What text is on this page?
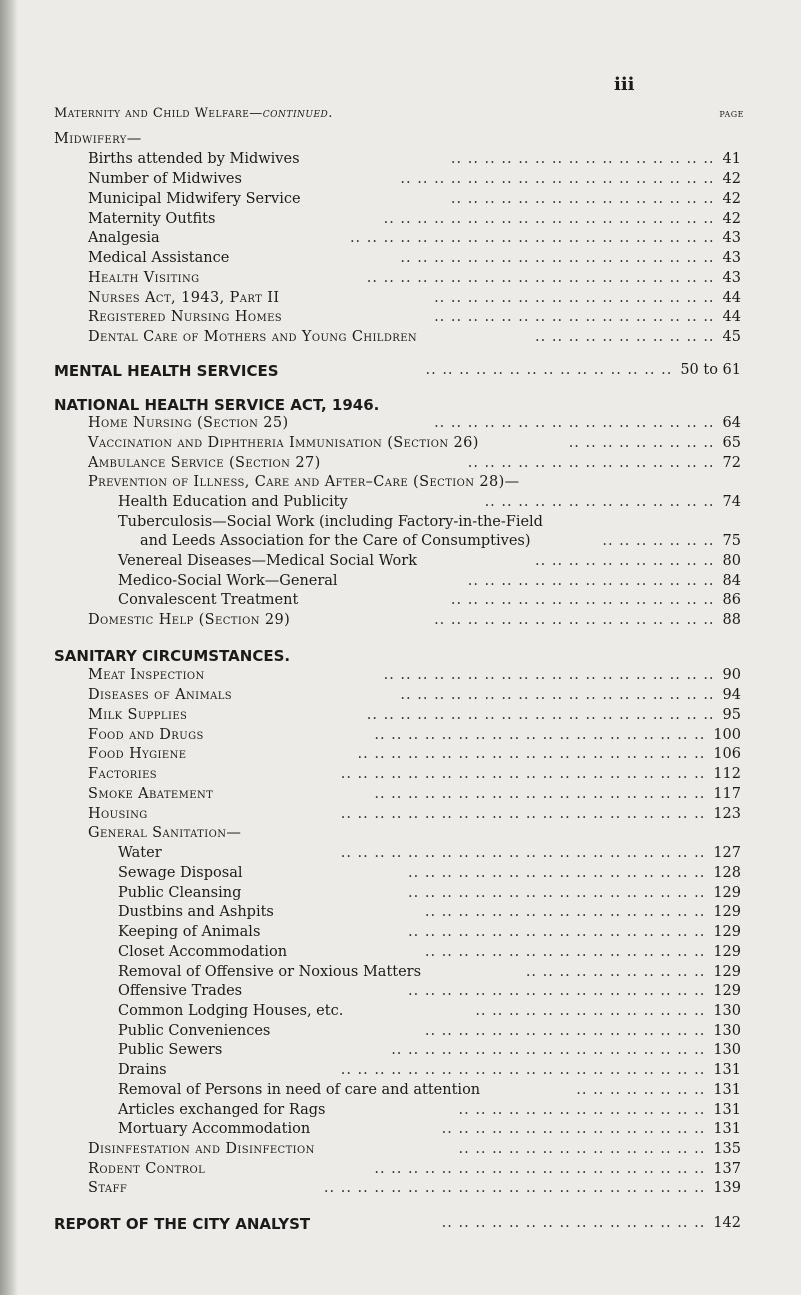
iii
Maternity and Child Welfare—continued.	page
Midwifery—
Births attended by Midwives	41
.. .. .. .. .. .. .. .. .. .. .. .. .. .. .. ..
Number of Midwives	42
.. .. .. .. .. .. .. .. .. .. .. .. .. .. .. .. .. .. ..
Municipal Midwifery Service	42
.. .. .. .. .. .. .. .. .. .. .. .. .. .. .. ..
Maternity Outfits	42
.. .. .. .. .. .. .. .. .. .. .. .. .. .. .. .. .. .. .. ..
Analgesia	43
.. .. .. .. .. .. .. .. .. .. .. .. .. .. .. .. .. .. .. .. .. ..
Medical Assistance	43
.. .. .. .. .. .. .. .. .. .. .. .. .. .. .. .. .. .. ..
Health Visiting	43
.. .. .. .. .. .. .. .. .. .. .. .. .. .. .. .. .. .. .. .. ..
Nurses Act, 1943, Part II	44
.. .. .. .. .. .. .. .. .. .. .. .. .. .. .. .. ..
Registered Nursing Homes	44
.. .. .. .. .. .. .. .. .. .. .. .. .. .. .. .. ..
Dental Care of Mothers and Young Children	45
.. .. .. .. .. .. .. .. .. .. ..
MENTAL HEALTH SERVICES	50 to 61
.. .. .. .. .. .. .. .. .. .. .. .. .. .. ..
NATIONAL HEALTH SERVICE ACT, 1946.
Home Nursing (Section 25)	64
.. .. .. .. .. .. .. .. .. .. .. .. .. .. .. .. ..
Vaccination and Diphtheria Immunisation (Section 26)	65
.. .. .. .. .. .. .. .. ..
Ambulance Service (Section 27)	72
.. .. .. .. .. .. .. .. .. .. .. .. .. .. ..
Prevention of Illness, Care and After–Care (Section 28)—
Health Education and Publicity	74
.. .. .. .. .. .. .. .. .. .. .. .. .. ..
Tuberculosis—Social Work (including Factory-in-the-Field
and Leeds Association for the Care of Consumptives)	75
.. .. .. .. .. .. ..
Venereal Diseases—Medical Social Work	80
.. .. .. .. .. .. .. .. .. .. ..
Medico-Social Work—General	84
.. .. .. .. .. .. .. .. .. .. .. .. .. .. ..
Convalescent Treatment	86
.. .. .. .. .. .. .. .. .. .. .. .. .. .. .. ..
Domestic Help (Section 29)	88
.. .. .. .. .. .. .. .. .. .. .. .. .. .. .. .. ..
SANITARY CIRCUMSTANCES.
Meat Inspection	90
.. .. .. .. .. .. .. .. .. .. .. .. .. .. .. .. .. .. .. ..
Diseases of Animals	94
.. .. .. .. .. .. .. .. .. .. .. .. .. .. .. .. .. .. ..
Milk Supplies	95
.. .. .. .. .. .. .. .. .. .. .. .. .. .. .. .. .. .. .. .. ..
Food and Drugs	100
.. .. .. .. .. .. .. .. .. .. .. .. .. .. .. .. .. .. .. ..
Food Hygiene	106
.. .. .. .. .. .. .. .. .. .. .. .. .. .. .. .. .. .. .. .. ..
Factories	112
.. .. .. .. .. .. .. .. .. .. .. .. .. .. .. .. .. .. .. .. .. ..
Smoke Abatement	117
.. .. .. .. .. .. .. .. .. .. .. .. .. .. .. .. .. .. .. ..
Housing	123
.. .. .. .. .. .. .. .. .. .. .. .. .. .. .. .. .. .. .. .. .. ..
General Sanitation—
Water	127
.. .. .. .. .. .. .. .. .. .. .. .. .. .. .. .. .. .. .. .. .. ..
Sewage Disposal	128
.. .. .. .. .. .. .. .. .. .. .. .. .. .. .. .. .. ..
Public Cleansing	129
.. .. .. .. .. .. .. .. .. .. .. .. .. .. .. .. .. ..
Dustbins and Ashpits	129
.. .. .. .. .. .. .. .. .. .. .. .. .. .. .. .. ..
Keeping of Animals	129
.. .. .. .. .. .. .. .. .. .. .. .. .. .. .. .. .. ..
Closet Accommodation	129
.. .. .. .. .. .. .. .. .. .. .. .. .. .. .. .. ..
Removal of Offensive or Noxious Matters	129
.. .. .. .. .. .. .. .. .. .. ..
Offensive Trades	129
.. .. .. .. .. .. .. .. .. .. .. .. .. .. .. .. .. ..
Common Lodging Houses, etc.	130
.. .. .. .. .. .. .. .. .. .. .. .. .. ..
Public Conveniences	130
.. .. .. .. .. .. .. .. .. .. .. .. .. .. .. .. ..
Public Sewers	130
.. .. .. .. .. .. .. .. .. .. .. .. .. .. .. .. .. .. ..
Drains	131
.. .. .. .. .. .. .. .. .. .. .. .. .. .. .. .. .. .. .. .. .. ..
Removal of Persons in need of care and attention	131
.. .. .. .. .. .. .. ..
Articles exchanged for Rags	131
.. .. .. .. .. .. .. .. .. .. .. .. .. .. ..
Mortuary Accommodation	131
.. .. .. .. .. .. .. .. .. .. .. .. .. .. .. ..
Disinfestation and Disinfection	135
.. .. .. .. .. .. .. .. .. .. .. .. .. .. ..
Rodent Control	137
.. .. .. .. .. .. .. .. .. .. .. .. .. .. .. .. .. .. .. ..
Staff	139
.. .. .. .. .. .. .. .. .. .. .. .. .. .. .. .. .. .. .. .. .. .. ..
REPORT OF THE CITY ANALYST	142
.. .. .. .. .. .. .. .. .. .. .. .. .. .. .. ..
